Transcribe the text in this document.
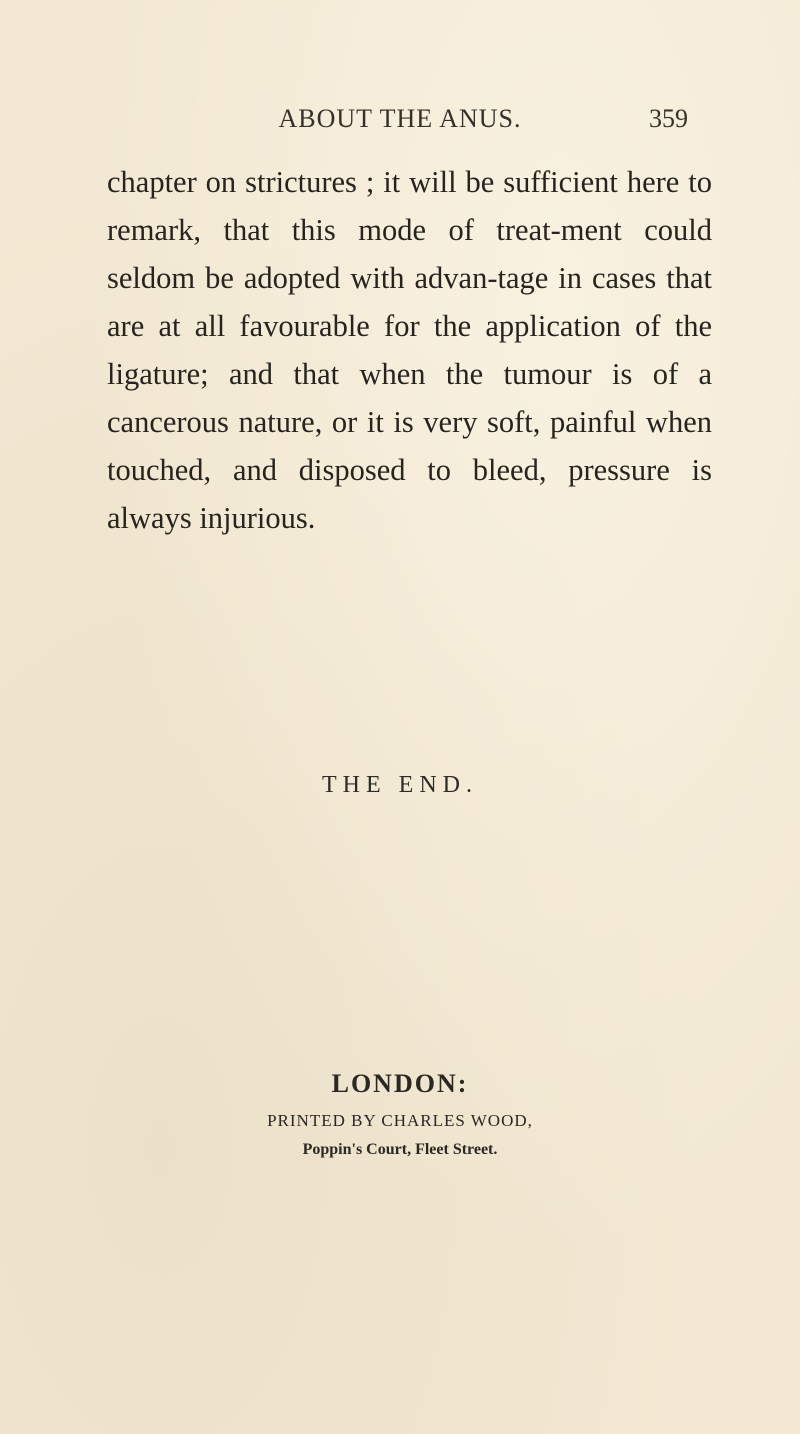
ABOUT THE ANUS.	359

chapter on strictures ; it will be sufficient here to remark, that this mode of treat-ment could seldom be adopted with advan-tage in cases that are at all favourable for the application of the ligature; and that when the tumour is of a cancerous nature, or it is very soft, painful when touched, and disposed to bleed, pressure is always injurious.

THE END.
LONDON:
PRINTED BY CHARLES WOOD,
Poppin's Court, Fleet Street.
